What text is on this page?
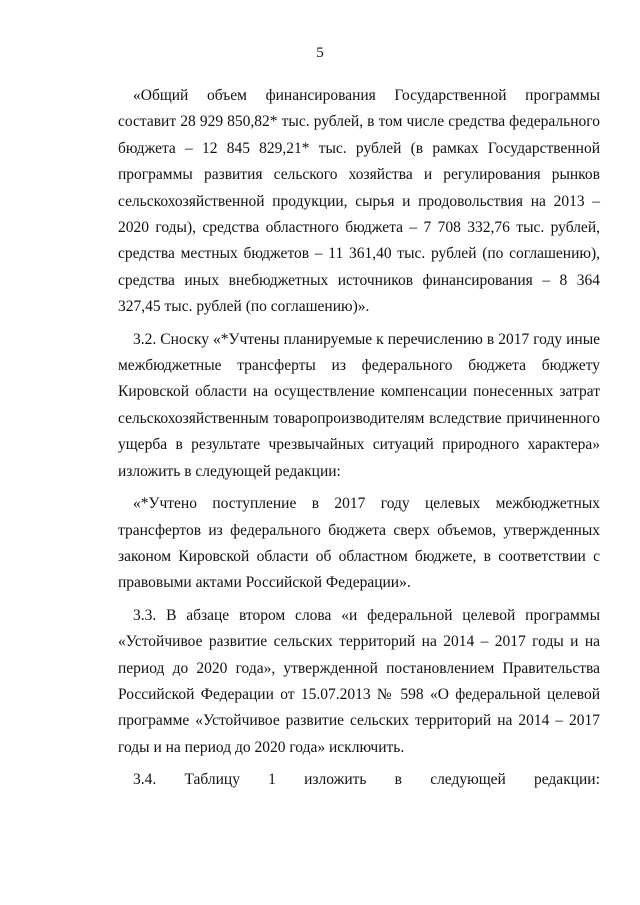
5

«Общий объем финансирования Государственной программы составит 28 929 850,82* тыс. рублей, в том числе средства федерального бюджета – 12 845 829,21* тыс. рублей (в рамках Государственной программы развития сельского хозяйства и регулирования рынков сельскохозяйственной продукции, сырья и продовольствия на 2013 – 2020 годы), средства областного бюджета – 7 708 332,76 тыс. рублей, средства местных бюджетов – 11 361,40 тыс. рублей (по соглашению), средства иных внебюджетных источников финансирования – 8 364 327,45 тыс. рублей (по соглашению)».

3.2. Сноску «*Учтены планируемые к перечислению в 2017 году иные межбюджетные трансферты из федерального бюджета бюджету Кировской области на осуществление компенсации понесенных затрат сельскохозяйственным товаропроизводителям вследствие причиненного ущерба в результате чрезвычайных ситуаций природного характера» изложить в следующей редакции:

«*Учтено поступление в 2017 году целевых межбюджетных трансфертов из федерального бюджета сверх объемов, утвержденных законом Кировской области об областном бюджете, в соответствии с правовыми актами Российской Федерации».

3.3. В абзаце втором слова «и федеральной целевой программы «Устойчивое развитие сельских территорий на 2014 – 2017 годы и на период до 2020 года», утвержденной постановлением Правительства Российской Федерации от 15.07.2013 № 598 «О федеральной целевой программе «Устойчивое развитие сельских территорий на 2014 – 2017 годы и на период до 2020 года» исключить.

3.4. Таблицу 1 изложить в следующей редакции:
